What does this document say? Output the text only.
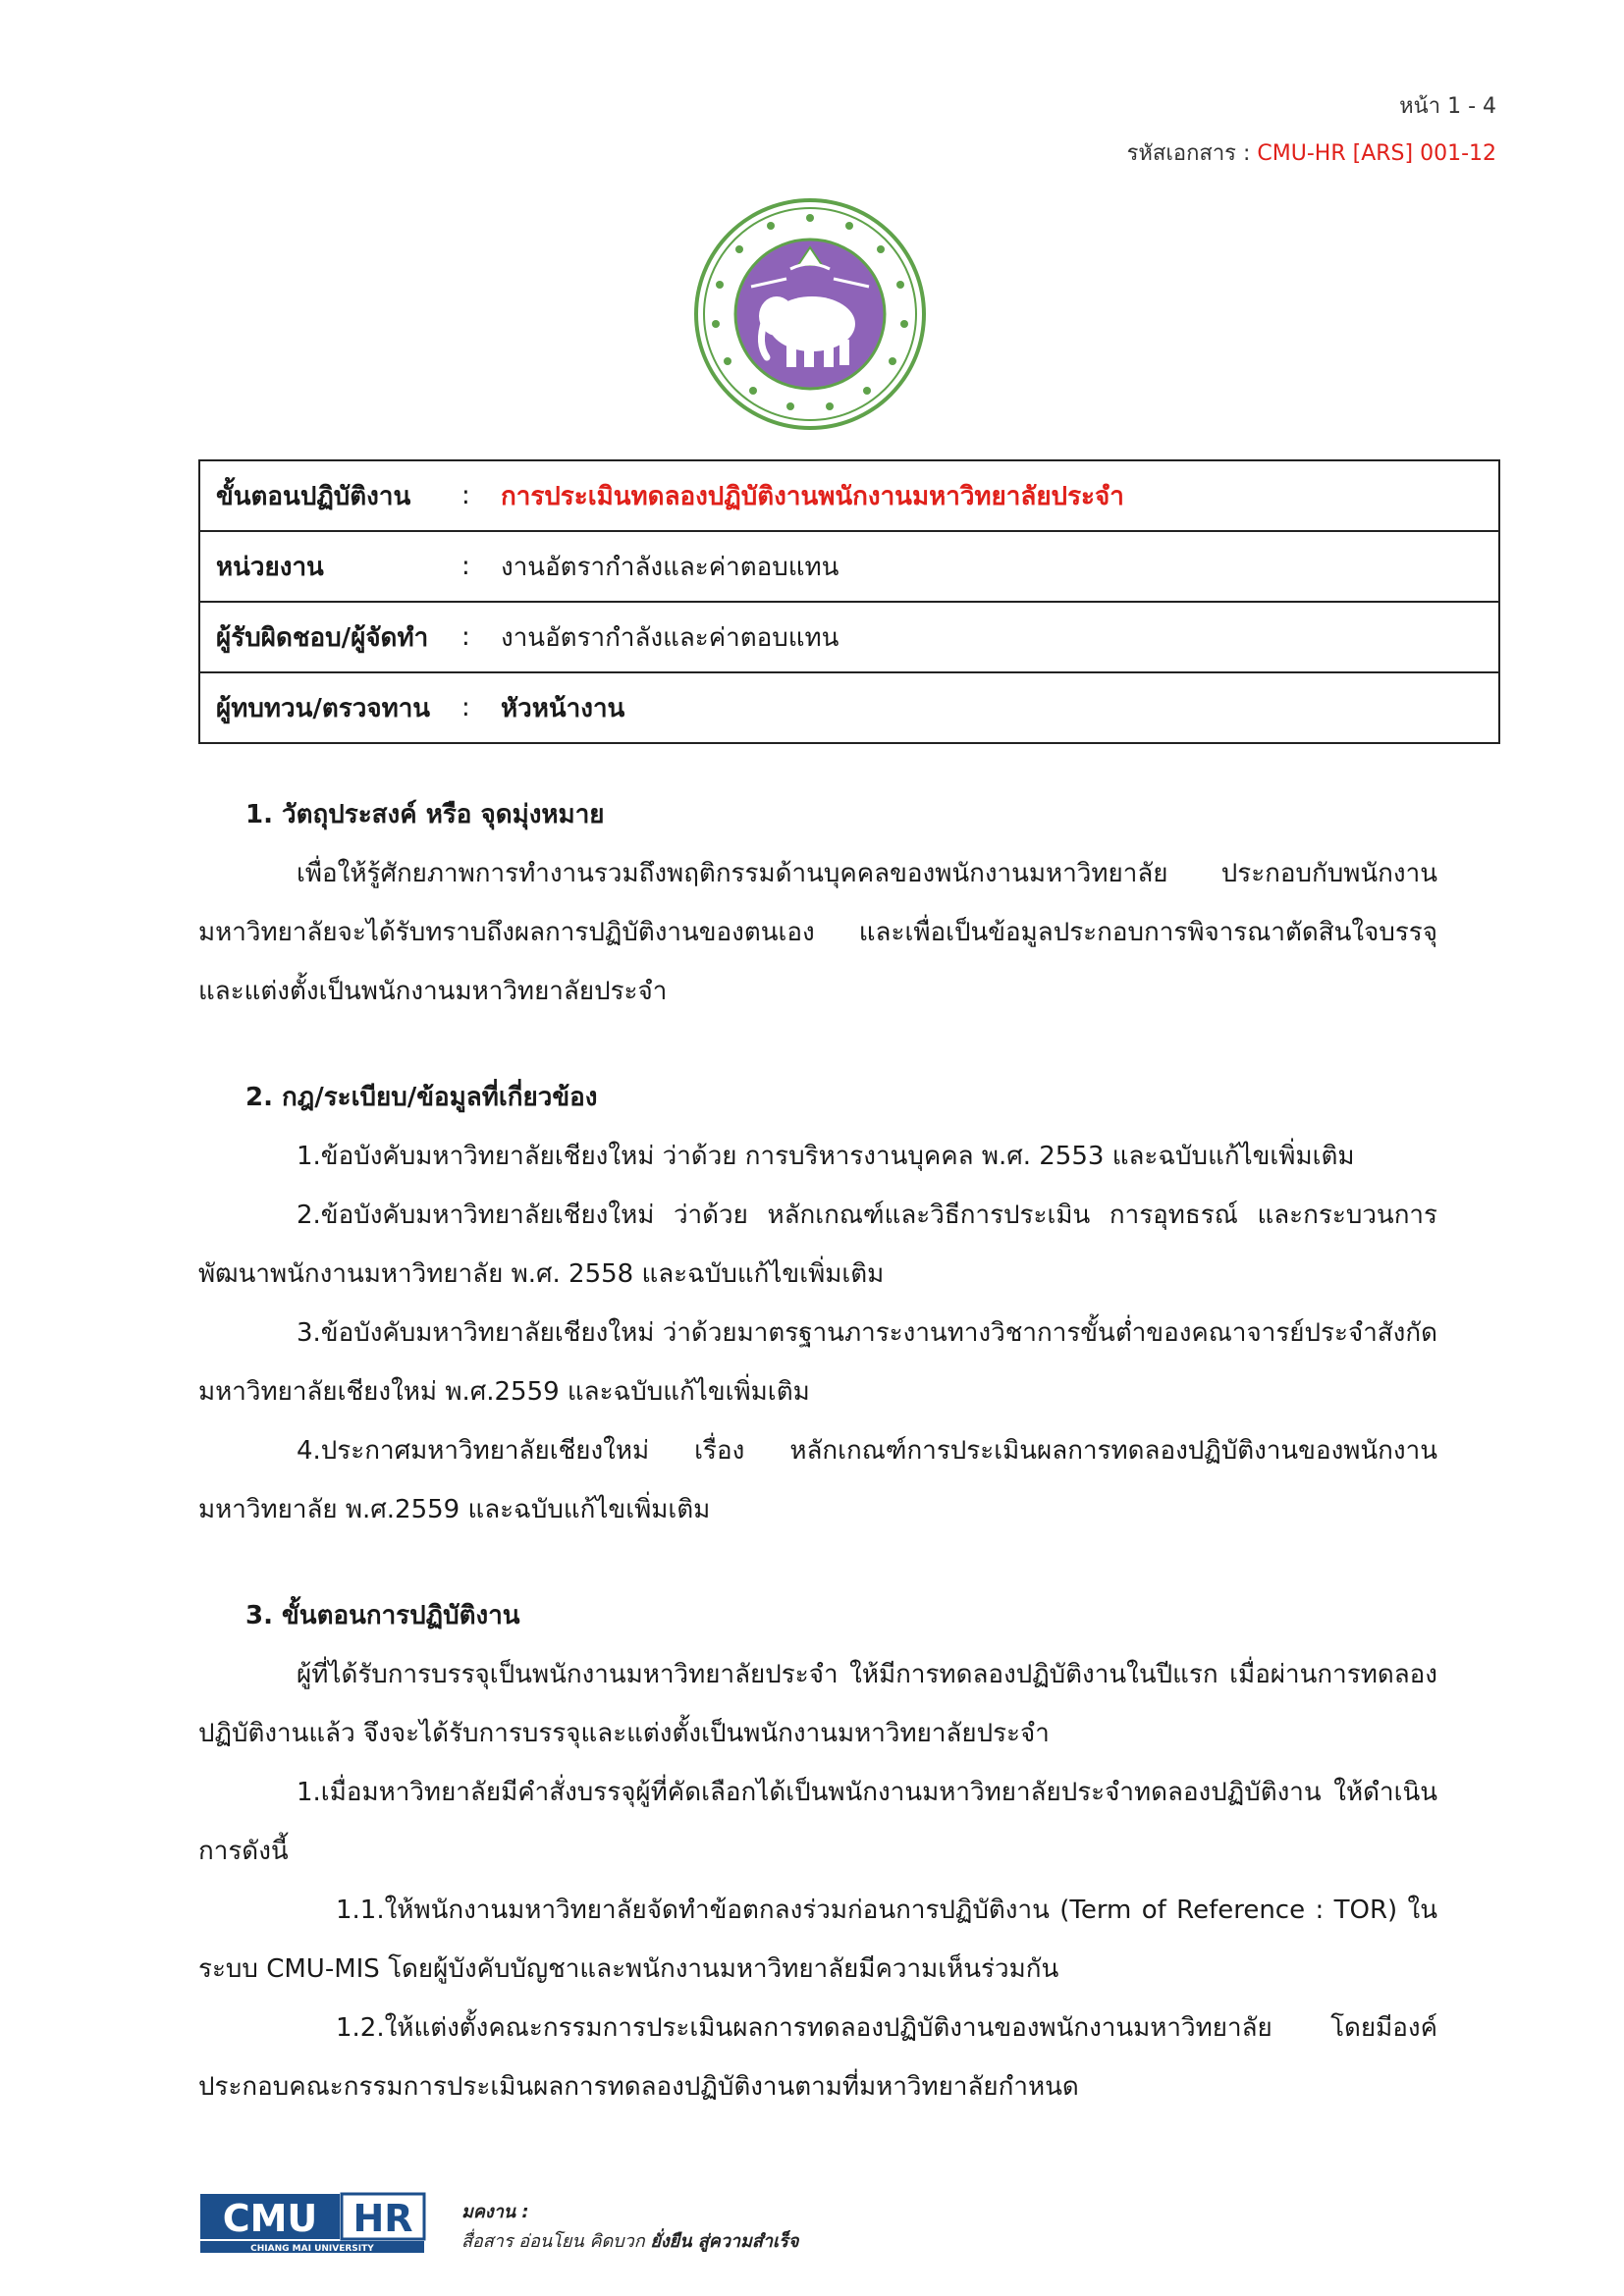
หน้า 1 - 4
รหัสเอกสาร : CMU-HR [ARS] 001-12
ขั้นตอนปฏิบัติงาน	:	การประเมินทดลองปฏิบัติงานพนักงานมหาวิทยาลัยประจำ

หน่วยงาน	:	งานอัตรากำลังและค่าตอบแทน

ผู้รับผิดชอบ/ผู้จัดทำ	:	งานอัตรากำลังและค่าตอบแทน

ผู้ทบทวน/ตรวจทาน	:	หัวหน้างาน

1. วัตถุประสงค์ หรือ จุดมุ่งหมาย

เพื่อให้รู้ศักยภาพการทำงานรวมถึงพฤติกรรมด้านบุคคลของพนักงานมหาวิทยาลัย ประกอบกับพนักงานมหาวิทยาลัยจะได้รับทราบถึงผลการปฏิบัติงานของตนเอง และเพื่อเป็นข้อมูลประกอบการพิจารณาตัดสินใจบรรจุและแต่งตั้งเป็นพนักงานมหาวิทยาลัยประจำ

2. กฎ/ระเบียบ/ข้อมูลที่เกี่ยวข้อง

1.ข้อบังคับมหาวิทยาลัยเชียงใหม่ ว่าด้วย การบริหารงานบุคคล พ.ศ. 2553 และฉบับแก้ไขเพิ่มเติม

2.ข้อบังคับมหาวิทยาลัยเชียงใหม่ ว่าด้วย หลักเกณฑ์และวิธีการประเมิน การอุทธรณ์ และกระบวนการพัฒนาพนักงานมหาวิทยาลัย พ.ศ. 2558 และฉบับแก้ไขเพิ่มเติม

3.ข้อบังคับมหาวิทยาลัยเชียงใหม่ ว่าด้วยมาตรฐานภาระงานทางวิชาการขั้นต่ำของคณาจารย์ประจำสังกัดมหาวิทยาลัยเชียงใหม่ พ.ศ.2559 และฉบับแก้ไขเพิ่มเติม

4.ประกาศมหาวิทยาลัยเชียงใหม่ เรื่อง หลักเกณฑ์การประเมินผลการทดลองปฏิบัติงานของพนักงานมหาวิทยาลัย พ.ศ.2559 และฉบับแก้ไขเพิ่มเติม

3. ขั้นตอนการปฏิบัติงาน

ผู้ที่ได้รับการบรรจุเป็นพนักงานมหาวิทยาลัยประจำ ให้มีการทดลองปฏิบัติงานในปีแรก เมื่อผ่านการทดลองปฏิบัติงานแล้ว จึงจะได้รับการบรรจุและแต่งตั้งเป็นพนักงานมหาวิทยาลัยประจำ

1.เมื่อมหาวิทยาลัยมีคำสั่งบรรจุผู้ที่คัดเลือกได้เป็นพนักงานมหาวิทยาลัยประจำทดลองปฏิบัติงาน ให้ดำเนินการดังนี้

1.1.ให้พนักงานมหาวิทยาลัยจัดทำข้อตกลงร่วมก่อนการปฏิบัติงาน (Term of Reference : TOR) ในระบบ CMU-MIS โดยผู้บังคับบัญชาและพนักงานมหาวิทยาลัยมีความเห็นร่วมกัน

1.2.ให้แต่งตั้งคณะกรรมการประเมินผลการทดลองปฏิบัติงานของพนักงานมหาวิทยาลัย โดยมีองค์ประกอบคณะกรรมการประเมินผลการทดลองปฏิบัติงานตามที่มหาวิทยาลัยกำหนด

CMU HR
CHIANG MAI UNIVERSITY
มคงาน :
สื่อสาร อ่อนโยน คิดบวก ยั่งยืน สู่ความสำเร็จ
